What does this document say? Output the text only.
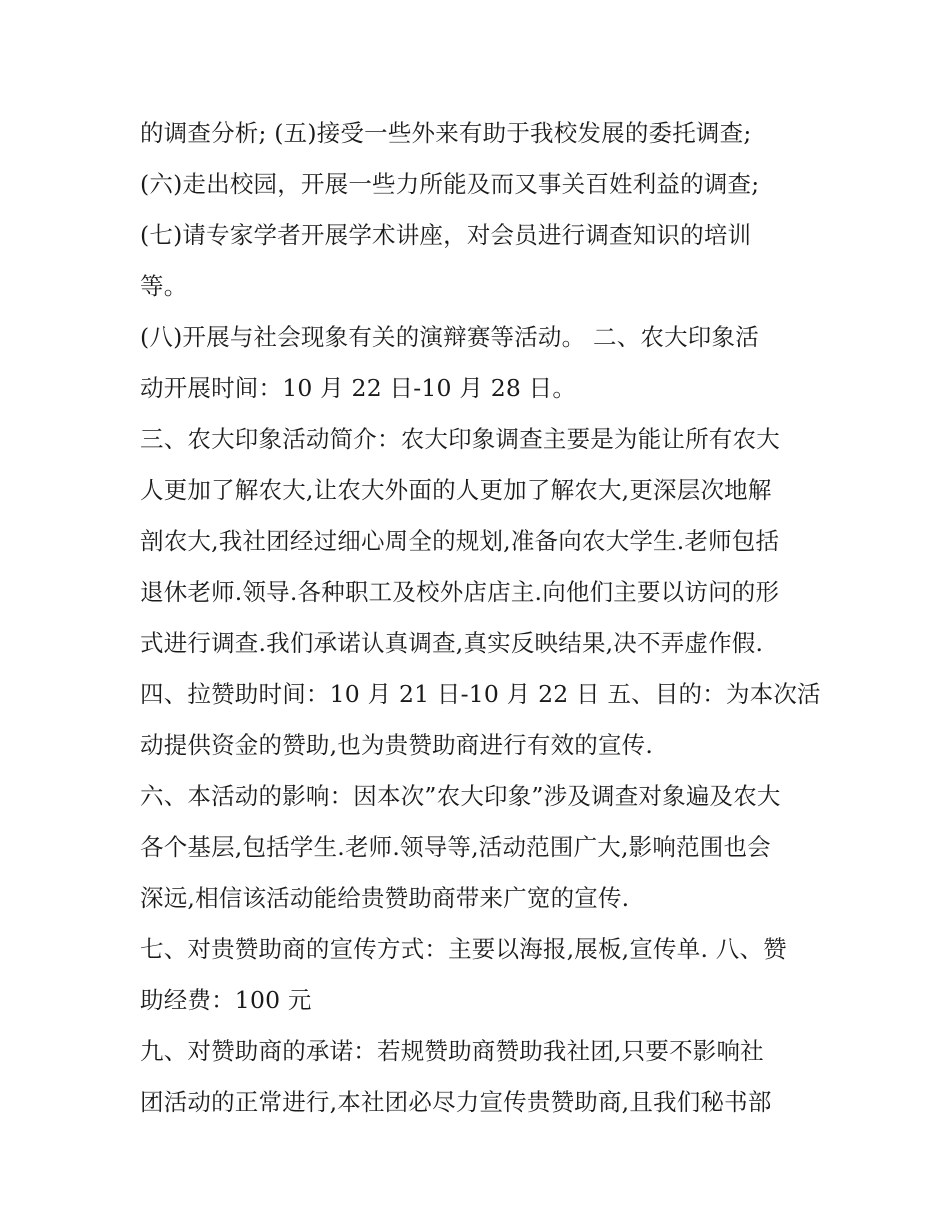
的调查分析; (五)接受一些外来有助于我校发展的委托调查;
(六)走出校园，开展一些力所能及而又事关百姓利益的调查;
(七)请专家学者开展学术讲座，对会员进行调查知识的培训
等。
(八)开展与社会现象有关的演辩赛等活动。 二、农大印象活
动开展时间：10 月 22 日-10 月 28 日。
三、农大印象活动简介：农大印象调查主要是为能让所有农大
人更加了解农大,让农大外面的人更加了解农大,更深层次地解
剖农大,我社团经过细心周全的规划,准备向农大学生.老师包括
退休老师.领导.各种职工及校外店店主.向他们主要以访问的形
式进行调查.我们承诺认真调查,真实反映结果,决不弄虚作假.
四、拉赞助时间：10 月 21 日-10 月 22 日 五、目的：为本次活
动提供资金的赞助,也为贵赞助商进行有效的宣传.
六、本活动的影响：因本次”农大印象”涉及调查对象遍及农大
各个基层,包括学生.老师.领导等,活动范围广大,影响范围也会
深远,相信该活动能给贵赞助商带来广宽的宣传.
七、对贵赞助商的宣传方式：主要以海报,展板,宣传单. 八、赞
助经费：100 元
九、对赞助商的承诺：若规赞助商赞助我社团,只要不影响社
团活动的正常进行,本社团必尽力宣传贵赞助商,且我们秘书部
